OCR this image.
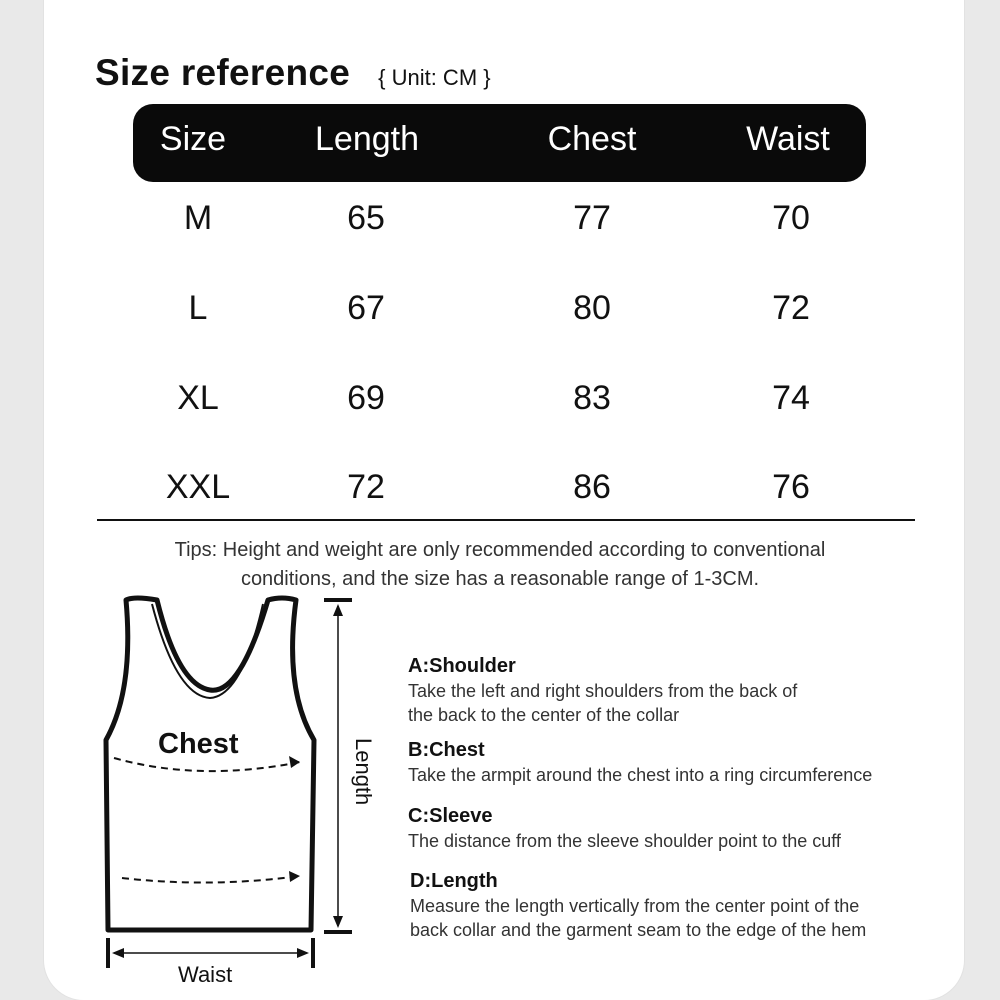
Size reference { Unit: CM }
Size	Length	Chest	Waist
M	65	77	70
L	67	80	72
XL	69	83	74
XXL	72	86	76
Tips: Height and weight are only recommended according to conventional
conditions, and the size has a reasonable range of 1-3CM.
Chest	Length
Waist
A:Shoulder
Take the left and right shoulders from the back of
the back to the center of the collar
B:Chest
Take the armpit around the chest into a ring circumference
C:Sleeve
The distance from the sleeve shoulder point to the cuff
D:Length
Measure the length vertically from the center point of the
back collar and the garment seam to the edge of the hem
